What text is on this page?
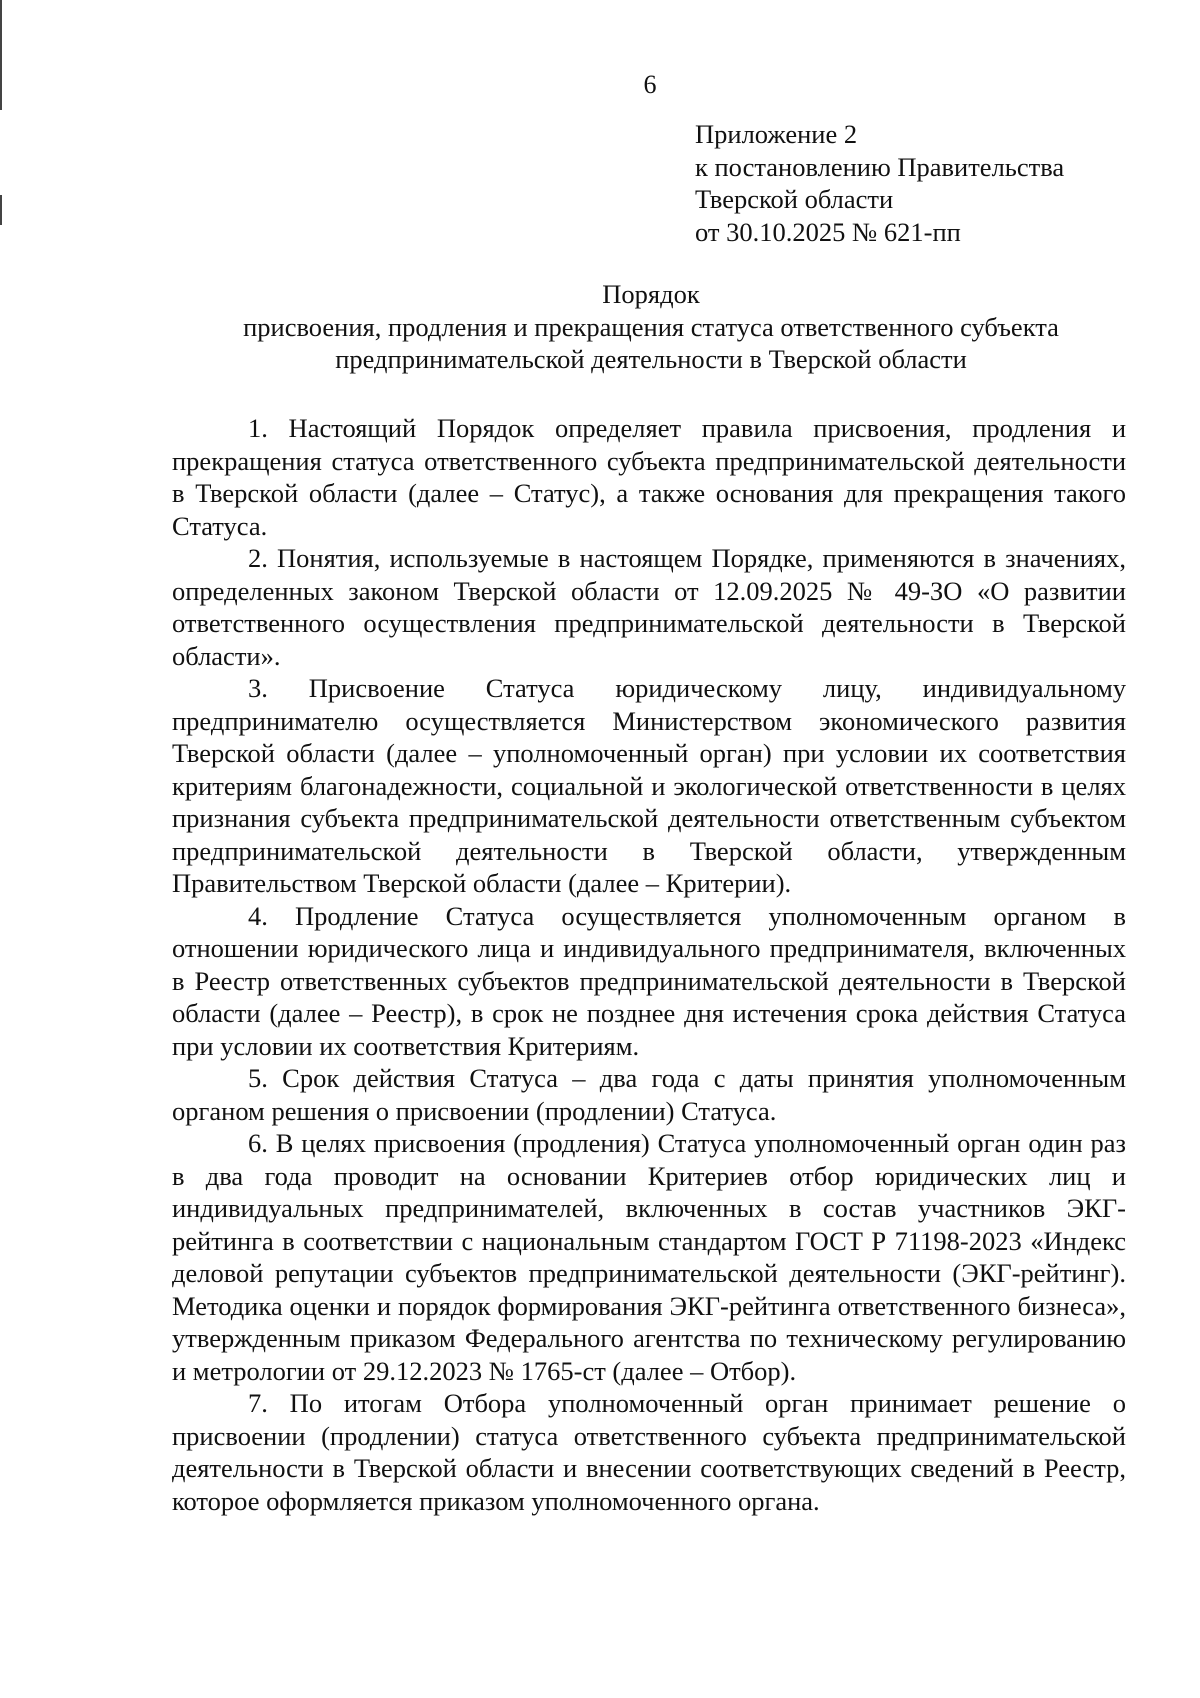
6
Приложение 2
к постановлению Правительства
Тверской области
от 30.10.2025 № 621-пп
Порядок
присвоения, продления и прекращения статуса ответственного субъекта
предпринимательской деятельности в Тверской области

1. Настоящий Порядок определяет правила присвоения, продления и прекращения статуса ответственного субъекта предпринимательской деятельности в Тверской области (далее – Статус), а также основания для прекращения такого Статуса.

2. Понятия, используемые в настоящем Порядке, применяются в значениях, определенных законом Тверской области от 12.09.2025 № 49-ЗО «О развитии ответственного осуществления предпринимательской деятельности в Тверской области».

3. Присвоение Статуса юридическому лицу, индивидуальному предпринимателю осуществляется Министерством экономического развития Тверской области (далее – уполномоченный орган) при условии их соответствия критериям благонадежности, социальной и экологической ответственности в целях признания субъекта предпринимательской деятельности ответственным субъектом предпринимательской деятельности в Тверской области, утвержденным Правительством Тверской области (далее – Критерии).

4. Продление Статуса осуществляется уполномоченным органом в отношении юридического лица и индивидуального предпринимателя, включенных в Реестр ответственных субъектов предпринимательской деятельности в Тверской области (далее – Реестр), в срок не позднее дня истечения срока действия Статуса при условии их соответствия Критериям.

5. Срок действия Статуса – два года с даты принятия уполномоченным органом решения о присвоении (продлении) Статуса.

6. В целях присвоения (продления) Статуса уполномоченный орган один раз в два года проводит на основании Критериев отбор юридических лиц и индивидуальных предпринимателей, включенных в состав участников ЭКГ-рейтинга в соответствии с национальным стандартом ГОСТ Р 71198-2023 «Индекс деловой репутации субъектов предпринимательской деятельности (ЭКГ-рейтинг). Методика оценки и порядок формирования ЭКГ-рейтинга ответственного бизнеса», утвержденным приказом Федерального агентства по техническому регулированию и метрологии от 29.12.2023 № 1765-ст (далее – Отбор).

7. По итогам Отбора уполномоченный орган принимает решение о присвоении (продлении) статуса ответственного субъекта предпринимательской деятельности в Тверской области и внесении соответствующих сведений в Реестр, которое оформляется приказом уполномоченного органа.
